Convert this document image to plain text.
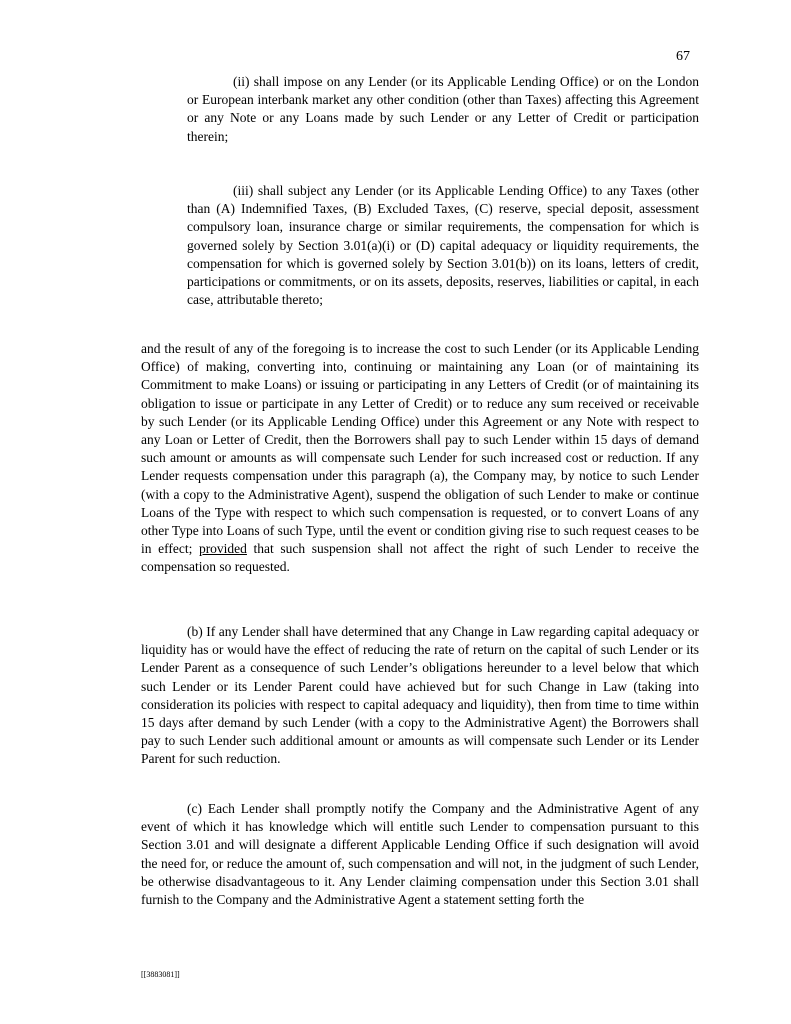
67

(ii) shall impose on any Lender (or its Applicable Lending Office) or on the London or European interbank market any other condition (other than Taxes) affecting this Agreement or any Note or any Loans made by such Lender or any Letter of Credit or participation therein;

(iii) shall subject any Lender (or its Applicable Lending Office) to any Taxes (other than (A) Indemnified Taxes, (B) Excluded Taxes, (C) reserve, special deposit, assessment compulsory loan, insurance charge or similar requirements, the compensation for which is governed solely by Section 3.01(a)(i) or (D) capital adequacy or liquidity requirements, the compensation for which is governed solely by Section 3.01(b)) on its loans, letters of credit, participations or commitments, or on its assets, deposits, reserves, liabilities or capital, in each case, attributable thereto;

and the result of any of the foregoing is to increase the cost to such Lender (or its Applicable Lending Office) of making, converting into, continuing or maintaining any Loan (or of maintaining its Commitment to make Loans) or issuing or participating in any Letters of Credit (or of maintaining its obligation to issue or participate in any Letter of Credit) or to reduce any sum received or receivable by such Lender (or its Applicable Lending Office) under this Agreement or any Note with respect to any Loan or Letter of Credit, then the Borrowers shall pay to such Lender within 15 days of demand such amount or amounts as will compensate such Lender for such increased cost or reduction. If any Lender requests compensation under this paragraph (a), the Company may, by notice to such Lender (with a copy to the Administrative Agent), suspend the obligation of such Lender to make or continue Loans of the Type with respect to which such compensation is requested, or to convert Loans of any other Type into Loans of such Type, until the event or condition giving rise to such request ceases to be in effect; provided that such suspension shall not affect the right of such Lender to receive the compensation so requested.

(b) If any Lender shall have determined that any Change in Law regarding capital adequacy or liquidity has or would have the effect of reducing the rate of return on the capital of such Lender or its Lender Parent as a consequence of such Lender’s obligations hereunder to a level below that which such Lender or its Lender Parent could have achieved but for such Change in Law (taking into consideration its policies with respect to capital adequacy and liquidity), then from time to time within 15 days after demand by such Lender (with a copy to the Administrative Agent) the Borrowers shall pay to such Lender such additional amount or amounts as will compensate such Lender or its Lender Parent for such reduction.

(c) Each Lender shall promptly notify the Company and the Administrative Agent of any event of which it has knowledge which will entitle such Lender to compensation pursuant to this Section 3.01 and will designate a different Applicable Lending Office if such designation will avoid the need for, or reduce the amount of, such compensation and will not, in the judgment of such Lender, be otherwise disadvantageous to it. Any Lender claiming compensation under this Section 3.01 shall furnish to the Company and the Administrative Agent a statement setting forth the

[[3883081]]
